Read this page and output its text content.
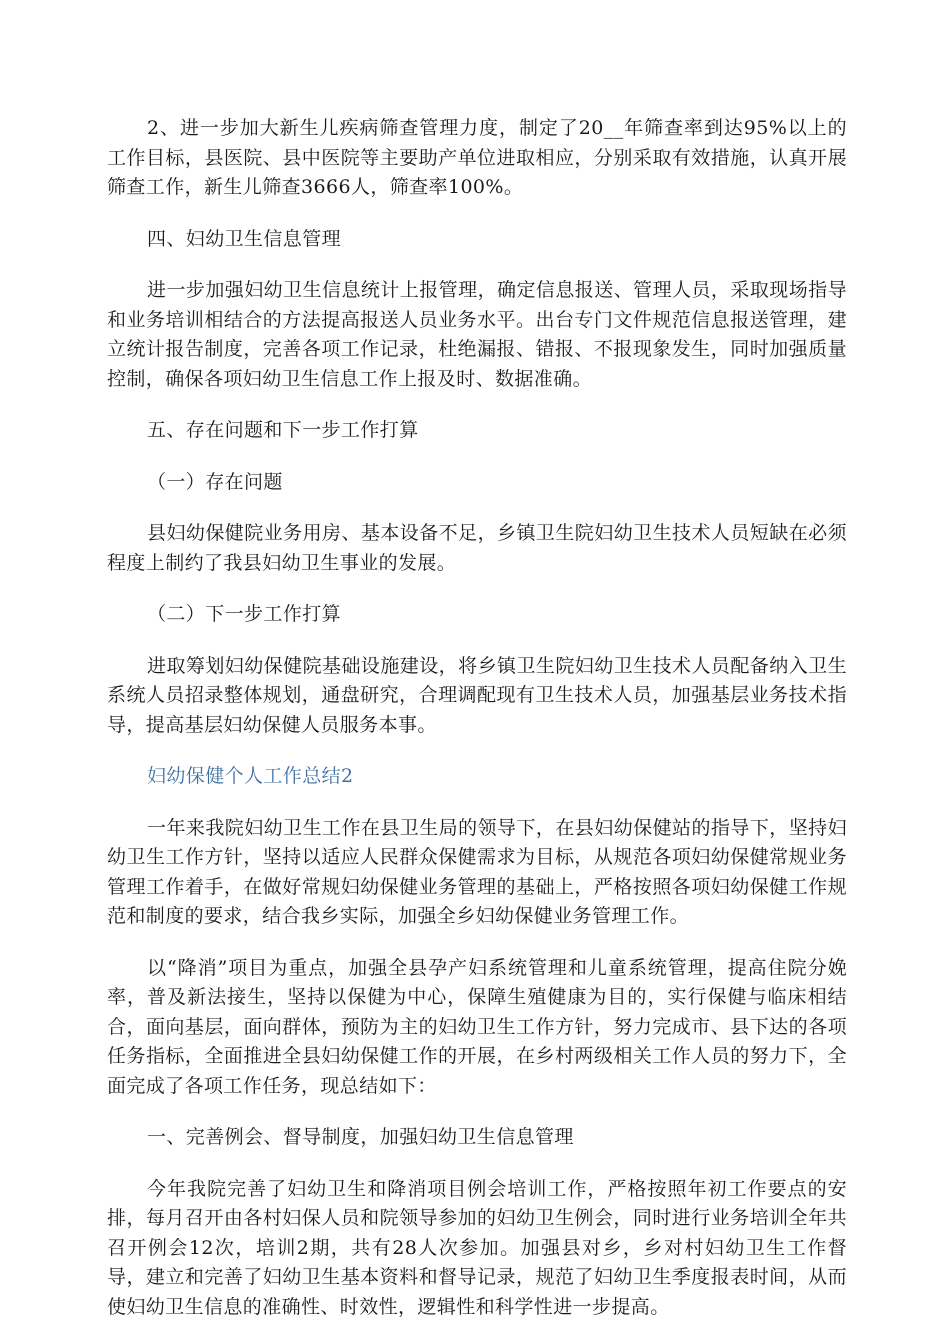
2、进一步加大新生儿疾病筛查管理力度，制定了20__年筛查率到达95%以上的工作目标，县医院、县中医院等主要助产单位进取相应，分别采取有效措施，认真开展筛查工作，新生儿筛查3666人，筛查率100%。

四、妇幼卫生信息管理

进一步加强妇幼卫生信息统计上报管理，确定信息报送、管理人员，采取现场指导和业务培训相结合的方法提高报送人员业务水平。出台专门文件规范信息报送管理，建立统计报告制度，完善各项工作记录，杜绝漏报、错报、不报现象发生，同时加强质量控制，确保各项妇幼卫生信息工作上报及时、数据准确。

五、存在问题和下一步工作打算

（一）存在问题

县妇幼保健院业务用房、基本设备不足，乡镇卫生院妇幼卫生技术人员短缺在必须程度上制约了我县妇幼卫生事业的发展。

（二）下一步工作打算

进取筹划妇幼保健院基础设施建设，将乡镇卫生院妇幼卫生技术人员配备纳入卫生系统人员招录整体规划，通盘研究，合理调配现有卫生技术人员，加强基层业务技术指导，提高基层妇幼保健人员服务本事。

妇幼保健个人工作总结2

一年来我院妇幼卫生工作在县卫生局的领导下，在县妇幼保健站的指导下，坚持妇幼卫生工作方针，坚持以适应人民群众保健需求为目标，从规范各项妇幼保健常规业务管理工作着手，在做好常规妇幼保健业务管理的基础上，严格按照各项妇幼保健工作规范和制度的要求，结合我乡实际，加强全乡妇幼保健业务管理工作。

以“降消”项目为重点，加强全县孕产妇系统管理和儿童系统管理，提高住院分娩率，普及新法接生，坚持以保健为中心，保障生殖健康为目的，实行保健与临床相结合，面向基层，面向群体，预防为主的妇幼卫生工作方针，努力完成市、县下达的各项任务指标，全面推进全县妇幼保健工作的开展，在乡村两级相关工作人员的努力下，全面完成了各项工作任务，现总结如下：

一、完善例会、督导制度，加强妇幼卫生信息管理

今年我院完善了妇幼卫生和降消项目例会培训工作，严格按照年初工作要点的安排，每月召开由各村妇保人员和院领导参加的妇幼卫生例会，同时进行业务培训全年共召开例会12次，培训2期，共有28人次参加。加强县对乡，乡对村妇幼卫生工作督导，建立和完善了妇幼卫生基本资料和督导记录，规范了妇幼卫生季度报表时间，从而使妇幼卫生信息的准确性、时效性，逻辑性和科学性进一步提高。
